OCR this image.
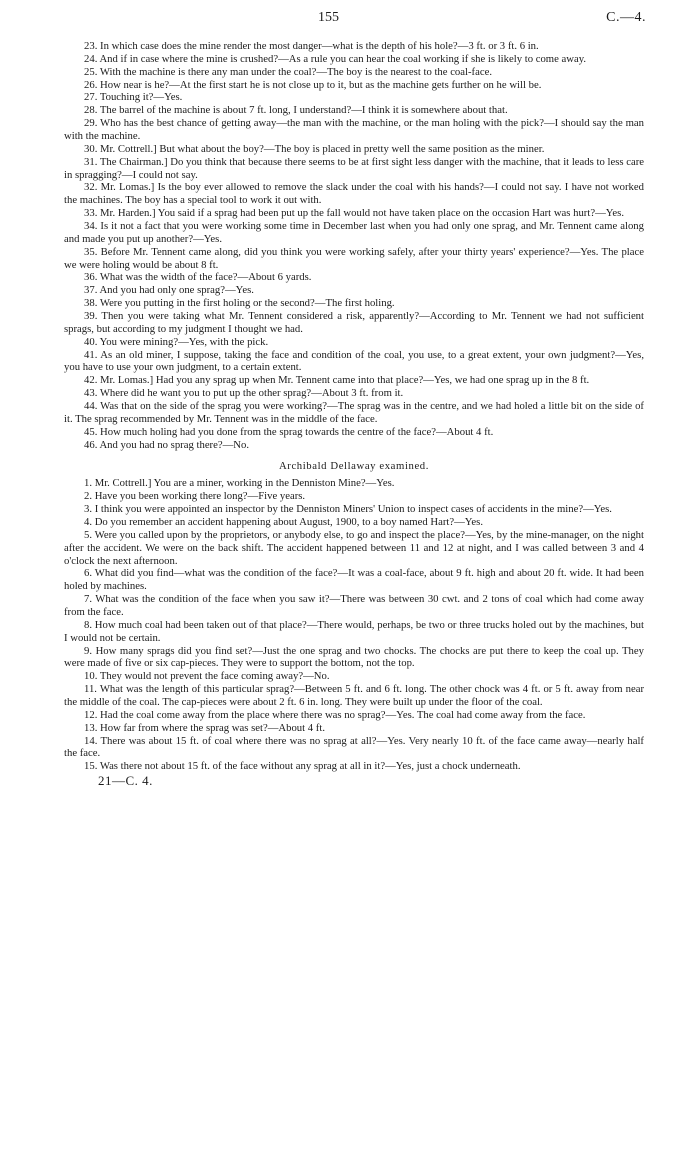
155	C.—4.

23. In which case does the mine render the most danger—what is the depth of his hole?—3 ft. or 3 ft. 6 in.

24. And if in case where the mine is crushed?—As a rule you can hear the coal working if she is likely to come away.

25. With the machine is there any man under the coal?—The boy is the nearest to the coal-face.

26. How near is he?—At the first start he is not close up to it, but as the machine gets further on he will be.

27. Touching it?—Yes.

28. The barrel of the machine is about 7 ft. long, I understand?—I think it is somewhere about that.

29. Who has the best chance of getting away—the man with the machine, or the man holing with the pick?—I should say the man with the machine.

30. Mr. Cottrell.] But what about the boy?—The boy is placed in pretty well the same position as the miner.

31. The Chairman.] Do you think that because there seems to be at first sight less danger with the machine, that it leads to less care in spragging?—I could not say.

32. Mr. Lomas.] Is the boy ever allowed to remove the slack under the coal with his hands?—I could not say. I have not worked the machines. The boy has a special tool to work it out with.

33. Mr. Harden.] You said if a sprag had been put up the fall would not have taken place on the occasion Hart was hurt?—Yes.

34. Is it not a fact that you were working some time in December last when you had only one sprag, and Mr. Tennent came along and made you put up another?—Yes.

35. Before Mr. Tennent came along, did you think you were working safely, after your thirty years' experience?—Yes. The place we were holing would be about 8 ft.

36. What was the width of the face?—About 6 yards.

37. And you had only one sprag?—Yes.

38. Were you putting in the first holing or the second?—The first holing.

39. Then you were taking what Mr. Tennent considered a risk, apparently?—According to Mr. Tennent we had not sufficient sprags, but according to my judgment I thought we had.

40. You were mining?—Yes, with the pick.

41. As an old miner, I suppose, taking the face and condition of the coal, you use, to a great extent, your own judgment?—Yes, you have to use your own judgment, to a certain extent.

42. Mr. Lomas.] Had you any sprag up when Mr. Tennent came into that place?—Yes, we had one sprag up in the 8 ft.

43. Where did he want you to put up the other sprag?—About 3 ft. from it.

44. Was that on the side of the sprag you were working?—The sprag was in the centre, and we had holed a little bit on the side of it. The sprag recommended by Mr. Tennent was in the middle of the face.

45. How much holing had you done from the sprag towards the centre of the face?—About 4 ft.

46. And you had no sprag there?—No.

Archibald Dellaway examined.

1. Mr. Cottrell.] You are a miner, working in the Denniston Mine?—Yes.

2. Have you been working there long?—Five years.

3. I think you were appointed an inspector by the Denniston Miners' Union to inspect cases of accidents in the mine?—Yes.

4. Do you remember an accident happening about August, 1900, to a boy named Hart?—Yes.

5. Were you called upon by the proprietors, or anybody else, to go and inspect the place?—Yes, by the mine-manager, on the night after the accident. We were on the back shift. The accident happened between 11 and 12 at night, and I was called between 3 and 4 o'clock the next afternoon.

6. What did you find—what was the condition of the face?—It was a coal-face, about 9 ft. high and about 20 ft. wide. It had been holed by machines.

7. What was the condition of the face when you saw it?—There was between 30 cwt. and 2 tons of coal which had come away from the face.

8. How much coal had been taken out of that place?—There would, perhaps, be two or three trucks holed out by the machines, but I would not be certain.

9. How many sprags did you find set?—Just the one sprag and two chocks. The chocks are put there to keep the coal up. They were made of five or six cap-pieces. They were to support the bottom, not the top.

10. They would not prevent the face coming away?—No.

11. What was the length of this particular sprag?—Between 5 ft. and 6 ft. long. The other chock was 4 ft. or 5 ft. away from near the middle of the coal. The cap-pieces were about 2 ft. 6 in. long. They were built up under the floor of the coal.

12. Had the coal come away from the place where there was no sprag?—Yes. The coal had come away from the face.

13. How far from where the sprag was set?—About 4 ft.

14. There was about 15 ft. of coal where there was no sprag at all?—Yes. Very nearly 10 ft. of the face came away—nearly half the face.

15. Was there not about 15 ft. of the face without any sprag at all in it?—Yes, just a chock underneath.

21—C. 4.
